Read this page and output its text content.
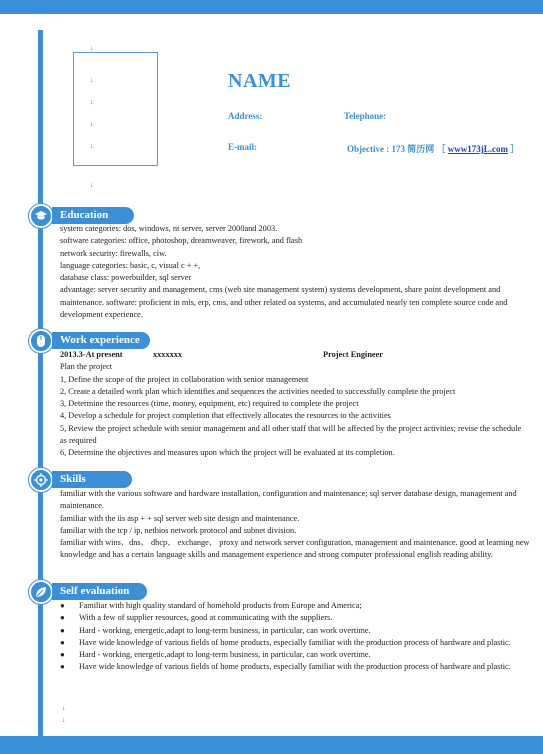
↓
↓
↓
↓
↓
↓
NAME
Address:	Telephone:
E-mail:	Objective : 173 简历网 ［ www173jL.com ］
Education
system categories: dos, windows, nt server, server 2000and 2003.
software categories: office, photoshop, dreamweaver, firework, and flash
network security: firewalls, ciw.
language categories: basic, c, visual c + +,
database class: powerbuilder, sql server
advantage: server security and management, cms (web site management system) systems development, share point development and maintenance. software: proficient in mis, erp, cms, and other related oa systems, and accumulated nearly ten complete source code and development experience.
Work experience
2013.3-At present	xxxxxxx	Project Engineer
Plan the project
1, Define the scope of the project in collaboration with senior management
2, Create a detailed work plan which identifies and sequences the activities needed to successfully complete the project
3, Determine the resources (time, money, equipment, etc) required to complete the project
4, Develop a schedule for project completion that effectively allocates the resources to the activities
5, Review the project schedule with senior management and all other staff that will be affected by the project activities; revise the schedule as required
6, Determine the objectives and measures upon which the project will be evaluated at its completion.
Skills
familiar with the various software and hardware installation, configuration and maintenance; sql server database design, management and maintenance.
familiar with the iis asp + + sql server web site design and maintenance.
familiar with the tcp / ip, netbios network protocol and subnet division.
familiar with wins、dns、 dhcp、 exchange、 proxy and network server configuration, management and maintenance. good at learning new knowledge and has a certain language skills and management experience and strong computer professional english reading ability.
Self evaluation
● Familiar with high quality standard of homehold products from Europe and America;
● With a few of supplier resources, good at communicating with the suppliers.
● Hard - working, energetic,adapt to long-term business, in particular, can work overtime.
● Have wide knowledge of various fields of home products, especially familiar with the production process of hardware and plastic.
● Hard - working, energetic,adapt to long-term business, in particular, can work overtime.
● Have wide knowledge of various fields of home products, especially familiar with the production process of hardware and plastic.
↓
↓
